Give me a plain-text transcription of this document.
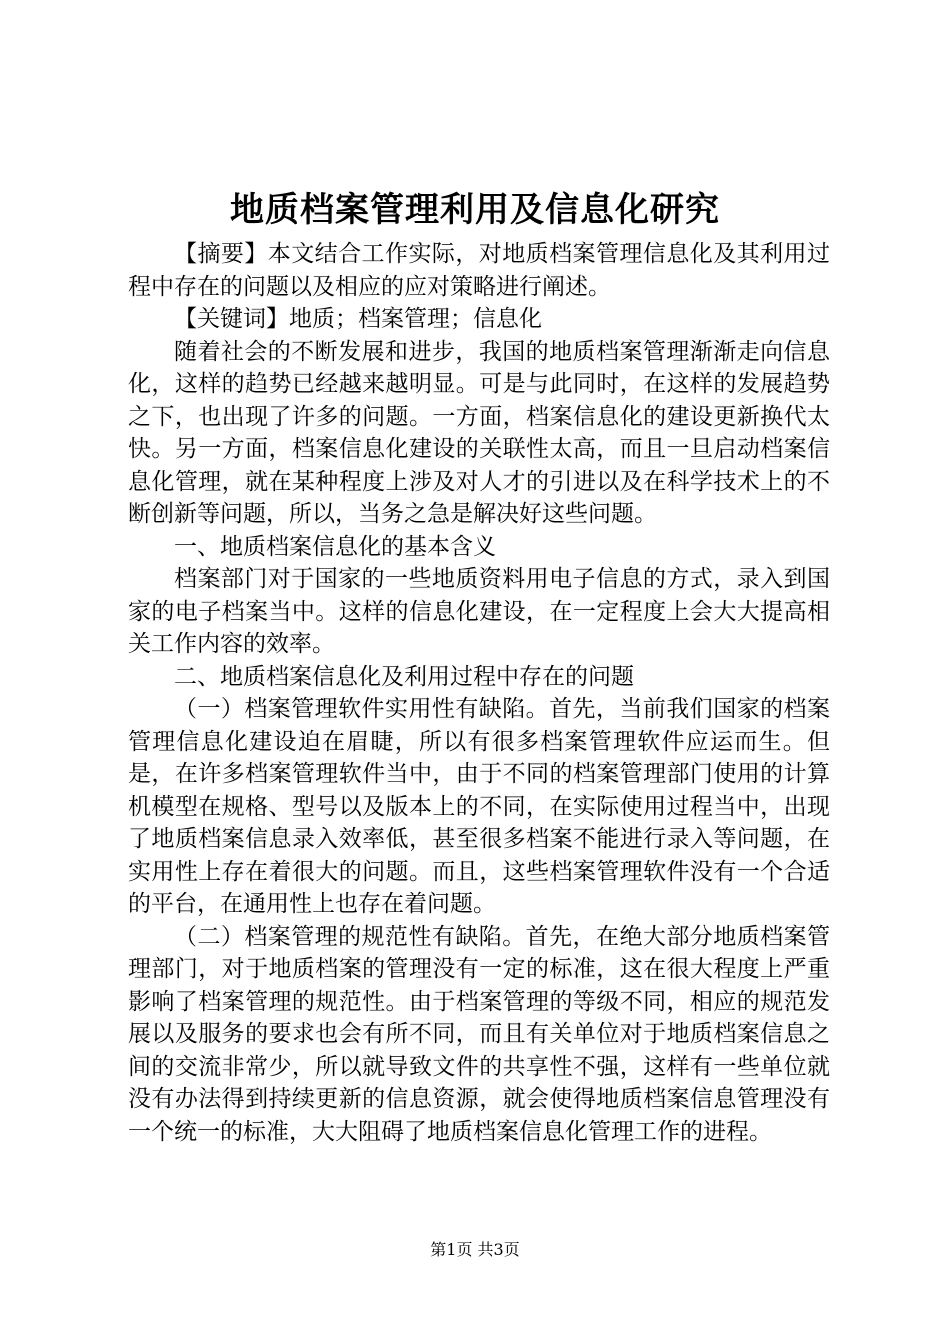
地质档案管理利用及信息化研究

【摘要】本文结合工作实际，对地质档案管理信息化及其利用过程中存在的问题以及相应的应对策略进行阐述。

【关键词】地质；档案管理；信息化

随着社会的不断发展和进步，我国的地质档案管理渐渐走向信息化，这样的趋势已经越来越明显。可是与此同时，在这样的发展趋势之下，也出现了许多的问题。一方面，档案信息化的建设更新换代太快。另一方面，档案信息化建设的关联性太高，而且一旦启动档案信息化管理，就在某种程度上涉及对人才的引进以及在科学技术上的不断创新等问题，所以，当务之急是解决好这些问题。

一、地质档案信息化的基本含义

档案部门对于国家的一些地质资料用电子信息的方式，录入到国家的电子档案当中。这样的信息化建设，在一定程度上会大大提高相关工作内容的效率。

二、地质档案信息化及利用过程中存在的问题

（一）档案管理软件实用性有缺陷。首先，当前我们国家的档案管理信息化建设迫在眉睫，所以有很多档案管理软件应运而生。但是，在许多档案管理软件当中，由于不同的档案管理部门使用的计算机模型在规格、型号以及版本上的不同，在实际使用过程当中，出现了地质档案信息录入效率低，甚至很多档案不能进行录入等问题，在实用性上存在着很大的问题。而且，这些档案管理软件没有一个合适的平台，在通用性上也存在着问题。

（二）档案管理的规范性有缺陷。首先，在绝大部分地质档案管理部门，对于地质档案的管理没有一定的标准，这在很大程度上严重影响了档案管理的规范性。由于档案管理的等级不同，相应的规范发展以及服务的要求也会有所不同，而且有关单位对于地质档案信息之间的交流非常少，所以就导致文件的共享性不强，这样有一些单位就没有办法得到持续更新的信息资源，就会使得地质档案信息管理没有一个统一的标准，大大阻碍了地质档案信息化管理工作的进程。

第1页 共3页
